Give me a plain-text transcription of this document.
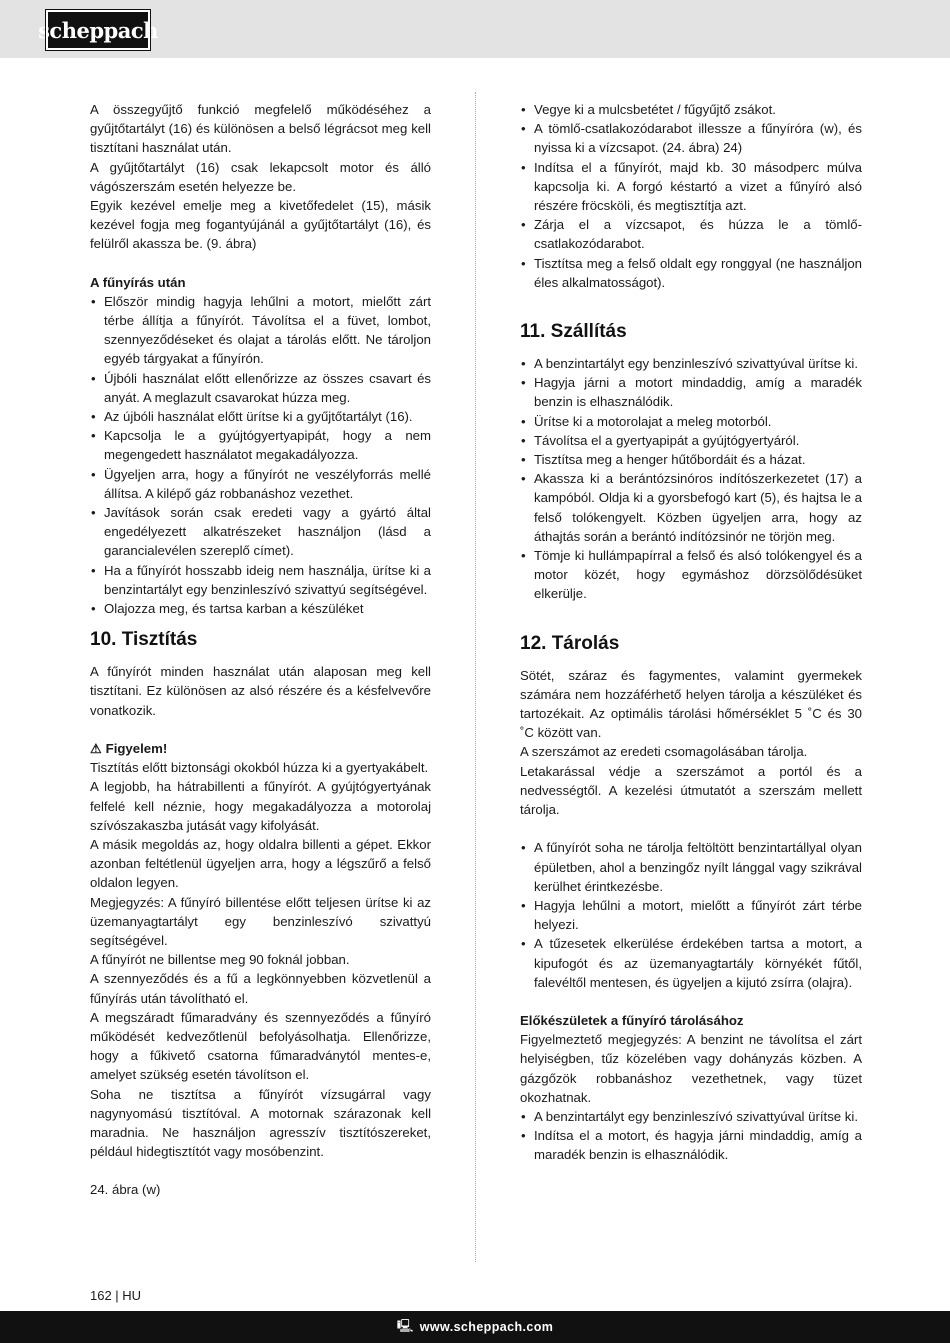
scheppach

A összegyűjtő funkció megfelelő működéséhez a gyűjtőtartályt (16) és különösen a belső légrácsot meg kell tisztítani használat után.

A gyűjtőtartályt (16) csak lekapcsolt motor és álló vágószerszám esetén helyezze be.

Egyik kezével emelje meg a kivetőfedelet (15), másik kezével fogja meg fogantyújánál a gyűjtőtartályt (16), és felülről akassza be. (9. ábra)

A fűnyírás után

• Először mindig hagyja lehűlni a motort, mielőtt zárt térbe állítja a fűnyírót. Távolítsa el a füvet, lombot, szennyeződéseket és olajat a tárolás előtt. Ne tároljon egyéb tárgyakat a fűnyírón.
• Újbóli használat előtt ellenőrizze az összes csavart és anyát. A meglazult csavarokat húzza meg.
• Az újbóli használat előtt ürítse ki a gyűjtőtartályt (16).
• Kapcsolja le a gyújtógyertyapipát, hogy a nem megengedett használatot megakadályozza.
• Ügyeljen arra, hogy a fűnyírót ne veszélyforrás mellé állítsa. A kilépő gáz robbanáshoz vezethet.
• Javítások során csak eredeti vagy a gyártó által engedélyezett alkatrészeket használjon (lásd a garancialevélen szereplő címet).
• Ha a fűnyírót hosszabb ideig nem használja, ürítse ki a benzintartályt egy benzinleszívó szivattyú segítségével.
• Olajozza meg, és tartsa karban a készüléket
10. Tisztítás

A fűnyírót minden használat után alaposan meg kell tisztítani. Ez különösen az alsó részére és a késfelvevőre vonatkozik.

⚠ Figyelem!

Tisztítás előtt biztonsági okokból húzza ki a gyertyakábelt.

A legjobb, ha hátrabillenti a fűnyírót. A gyújtógyertyának felfelé kell néznie, hogy megakadályozza a motorolaj szívószakaszba jutását vagy kifolyását.

A másik megoldás az, hogy oldalra billenti a gépet. Ekkor azonban feltétlenül ügyeljen arra, hogy a légszűrő a felső oldalon legyen.

Megjegyzés: A fűnyíró billentése előtt teljesen ürítse ki az üzemanyagtartályt egy benzinleszívó szivattyú segítségével.

A fűnyírót ne billentse meg 90 foknál jobban.

A szennyeződés és a fű a legkönnyebben közvetlenül a fűnyírás után távolítható el.

A megszáradt fűmaradvány és szennyeződés a fűnyíró működését kedvezőtlenül befolyásolhatja. Ellenőrizze, hogy a fűkivető csatorna fűmaradványtól mentes-e, amelyet szükség esetén távolítson el.

Soha ne tisztítsa a fűnyírót vízsugárral vagy nagynyomású tisztítóval. A motornak szárazonak kell maradnia. Ne használjon agresszív tisztítószereket, például hidegtisztítót vagy mosóbenzint.

24. ábra (w)

• Vegye ki a mulcsbetétet / fűgyűjtő zsákot.
• A tömlő-csatlakozódarabot illessze a fűnyíróra (w), és nyissa ki a vízcsapot. (24. ábra) 24)
• Indítsa el a fűnyírót, majd kb. 30 másodperc múlva kapcsolja ki. A forgó késtartó a vizet a fűnyíró alsó részére fröcsköli, és megtisztítja azt.
• Zárja el a vízcsapot, és húzza le a tömlő-csatlakozódarabot.
• Tisztítsa meg a felső oldalt egy ronggyal (ne használjon éles alkalmatosságot).
11. Szállítás
• A benzintartályt egy benzinleszívó szivattyúval ürítse ki.
• Hagyja járni a motort mindaddig, amíg a maradék benzin is elhasználódik.
• Ürítse ki a motorolajat a meleg motorból.
• Távolítsa el a gyertyapipát a gyújtógyertyáról.
• Tisztítsa meg a henger hűtőbordáit és a házat.
• Akassza ki a berántózsinóros indítószerkezetet (17) a kampóból. Oldja ki a gyorsbefogó kart (5), és hajtsa le a felső tolókengyelt. Közben ügyeljen arra, hogy az áthajtás során a berántó indítózsinór ne törjön meg.
• Tömje ki hullámpapírral a felső és alsó tolókengyel és a motor közét, hogy egymáshoz dörzsölődésüket elkerülje.
12. Tárolás

Sötét, száraz és fagymentes, valamint gyermekek számára nem hozzáférhető helyen tárolja a készüléket és tartozékait. Az optimális tárolási hőmérséklet 5 ˚C és 30 ˚C között van.

A szerszámot az eredeti csomagolásában tárolja.

Letakarással védje a szerszámot a portól és a nedvességtől. A kezelési útmutatót a szerszám mellett tárolja.

• A fűnyírót soha ne tárolja feltöltött benzintartállyal olyan épületben, ahol a benzingőz nyílt lánggal vagy szikrával kerülhet érintkezésbe.
• Hagyja lehűlni a motort, mielőtt a fűnyírót zárt térbe helyezi.
• A tűzesetek elkerülése érdekében tartsa a motort, a kipufogót és az üzemanyagtartály környékét fűtől, falevéltől mentesen, és ügyeljen a kijutó zsírra (olajra).

Előkészületek a fűnyíró tárolásához

Figyelmeztető megjegyzés: A benzint ne távolítsa el zárt helyiségben, tűz közelében vagy dohányzás közben. A gázgőzök robbanáshoz vezethetnek, vagy tüzet okozhatnak.

• A benzintartályt egy benzinleszívó szivattyúval ürítse ki.
• Indítsa el a motort, és hagyja járni mindaddig, amíg a maradék benzin is elhasználódik.
162 | HU
🖳 www.scheppach.com
